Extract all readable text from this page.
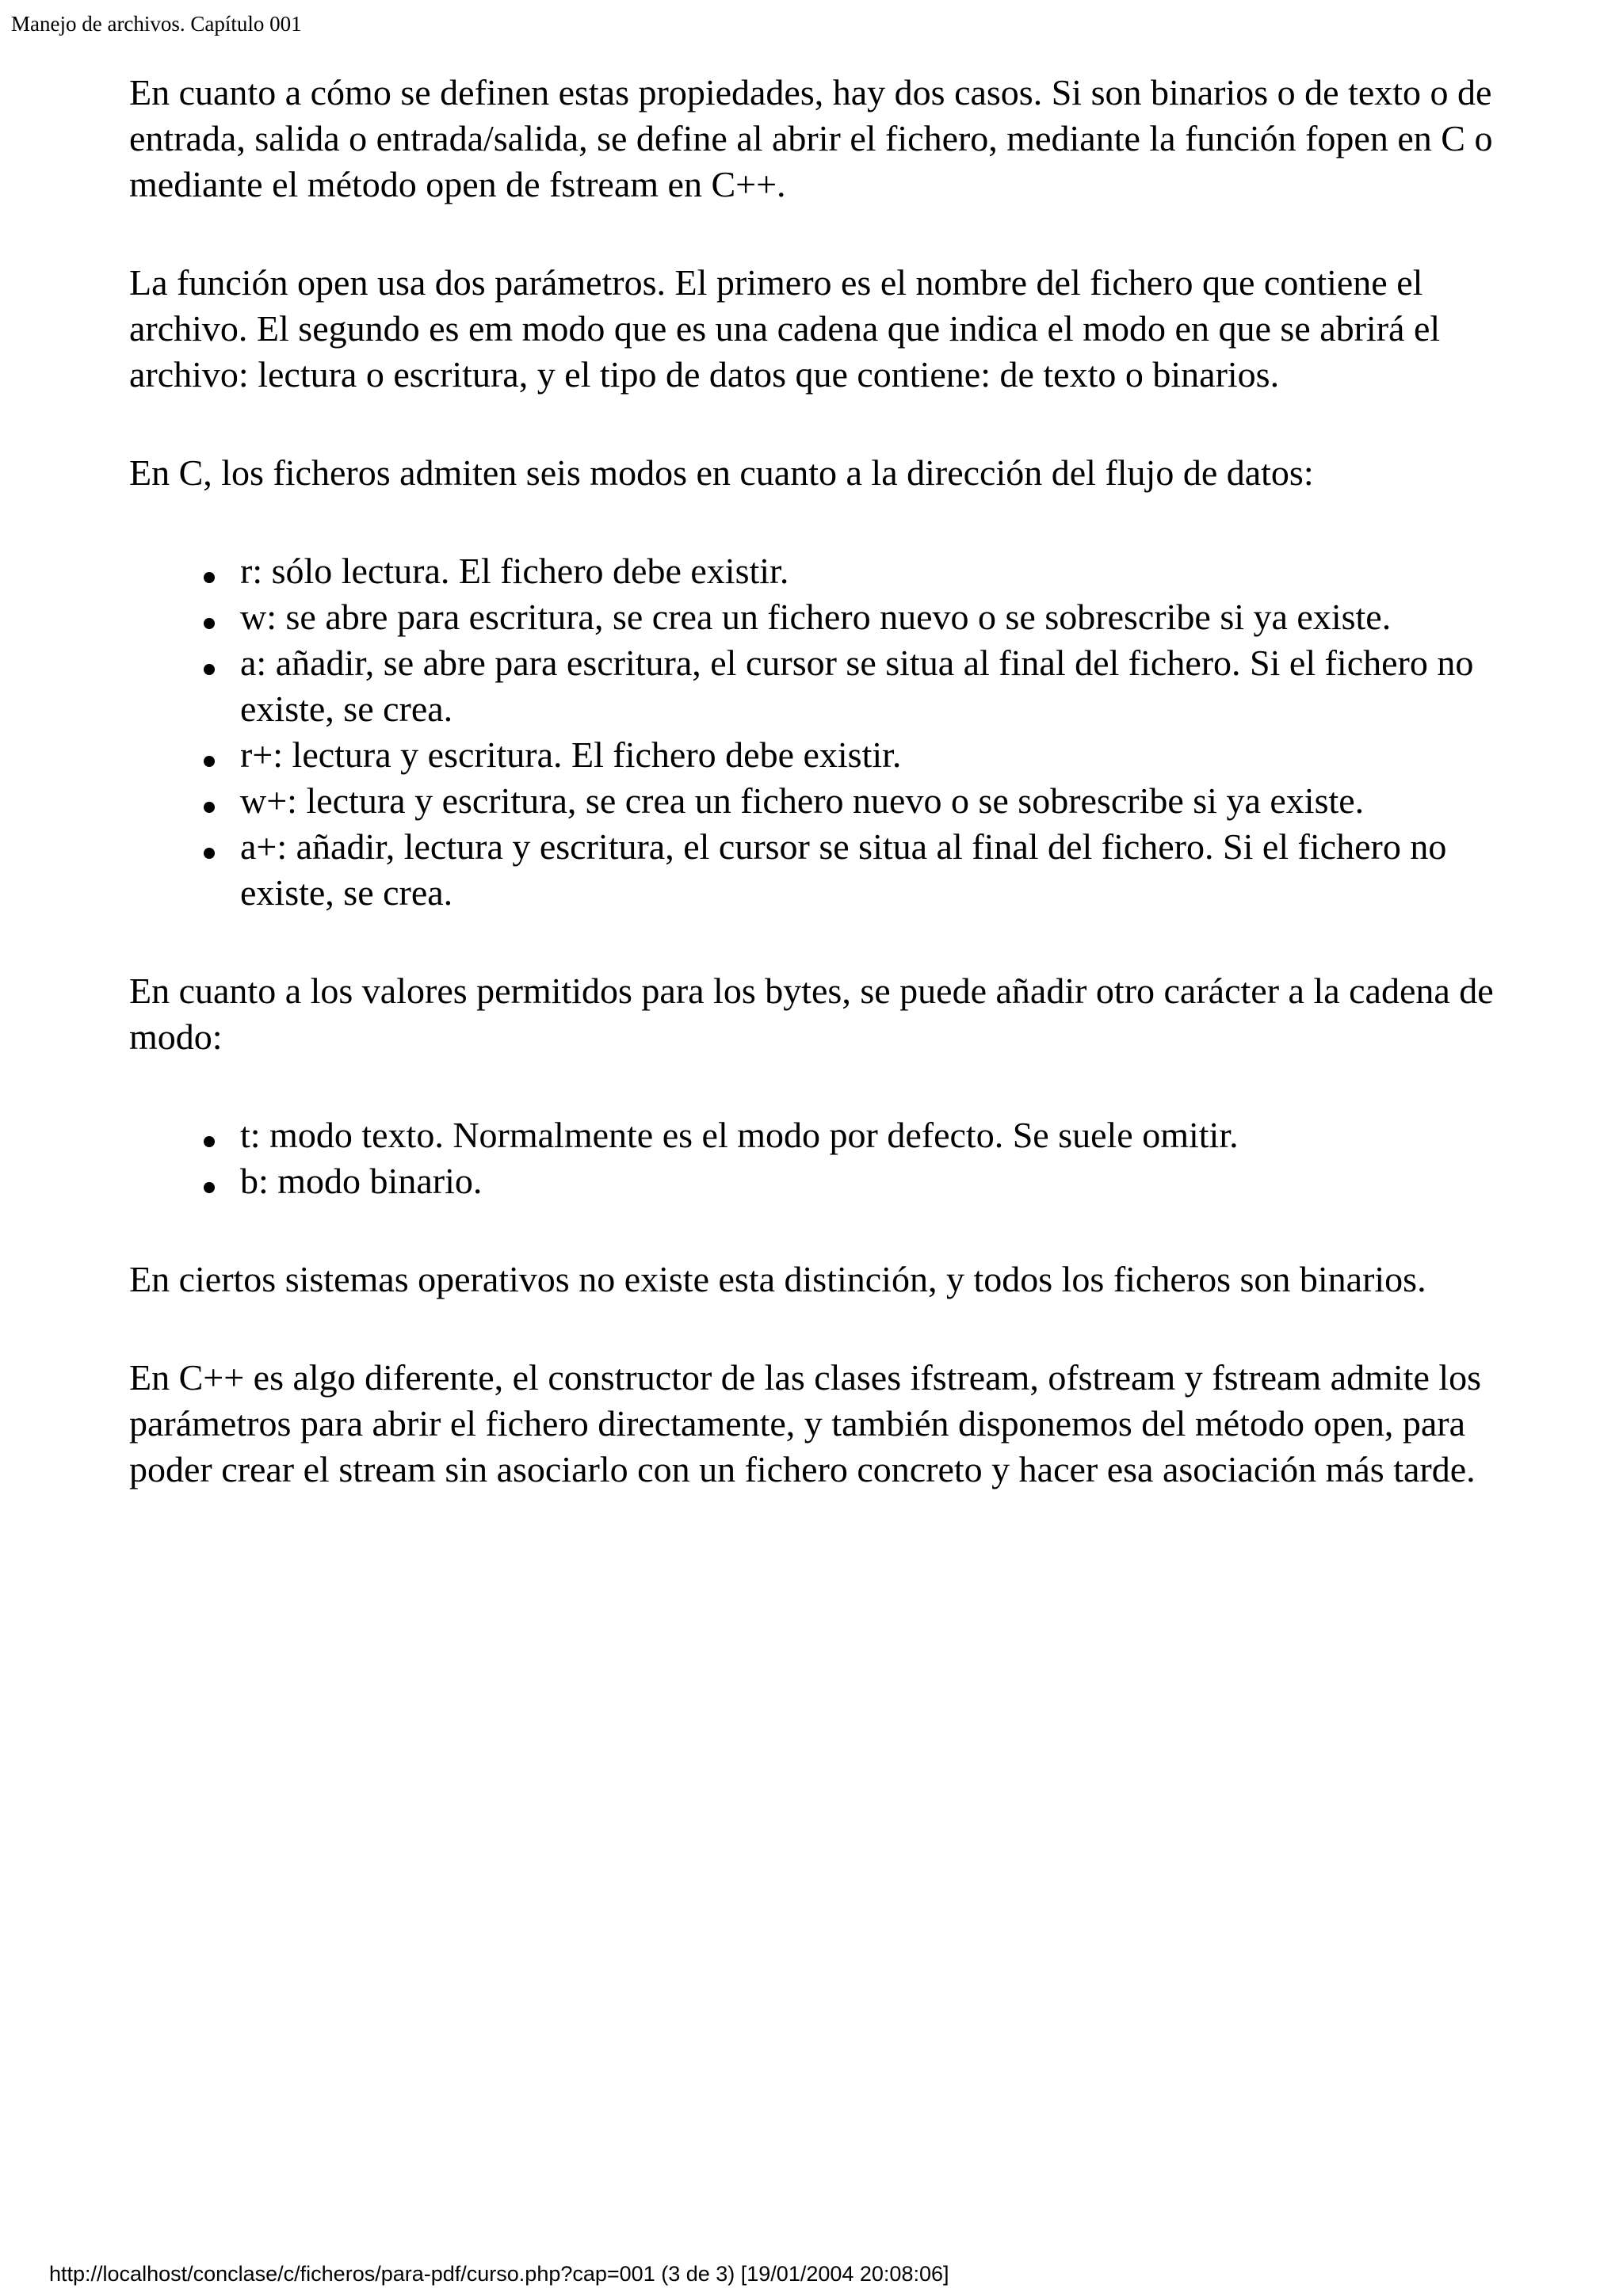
Manejo de archivos. Capítulo 001

En cuanto a cómo se definen estas propiedades, hay dos casos. Si son binarios o de texto o de entrada, salida o entrada/salida, se define al abrir el fichero, mediante la función fopen en C o mediante el método open de fstream en C++.

La función open usa dos parámetros. El primero es el nombre del fichero que contiene el archivo. El segundo es em modo que es una cadena que indica el modo en que se abrirá el archivo: lectura o escritura, y el tipo de datos que contiene: de texto o binarios.

En C, los ficheros admiten seis modos en cuanto a la dirección del flujo de datos:

r: sólo lectura. El fichero debe existir.
w: se abre para escritura, se crea un fichero nuevo o se sobrescribe si ya existe.
a: añadir, se abre para escritura, el cursor se situa al final del fichero. Si el fichero no existe, se crea.
r+: lectura y escritura. El fichero debe existir.
w+: lectura y escritura, se crea un fichero nuevo o se sobrescribe si ya existe.
a+: añadir, lectura y escritura, el cursor se situa al final del fichero. Si el fichero no existe, se crea.

En cuanto a los valores permitidos para los bytes, se puede añadir otro carácter a la cadena de modo:

t: modo texto. Normalmente es el modo por defecto. Se suele omitir.
b: modo binario.

En ciertos sistemas operativos no existe esta distinción, y todos los ficheros son binarios.

En C++ es algo diferente, el constructor de las clases ifstream, ofstream y fstream admite los parámetros para abrir el fichero directamente, y también disponemos del método open, para poder crear el stream sin asociarlo con un fichero concreto y hacer esa asociación más tarde.

http://localhost/conclase/c/ficheros/para-pdf/curso.php?cap=001 (3 de 3) [19/01/2004 20:08:06]
